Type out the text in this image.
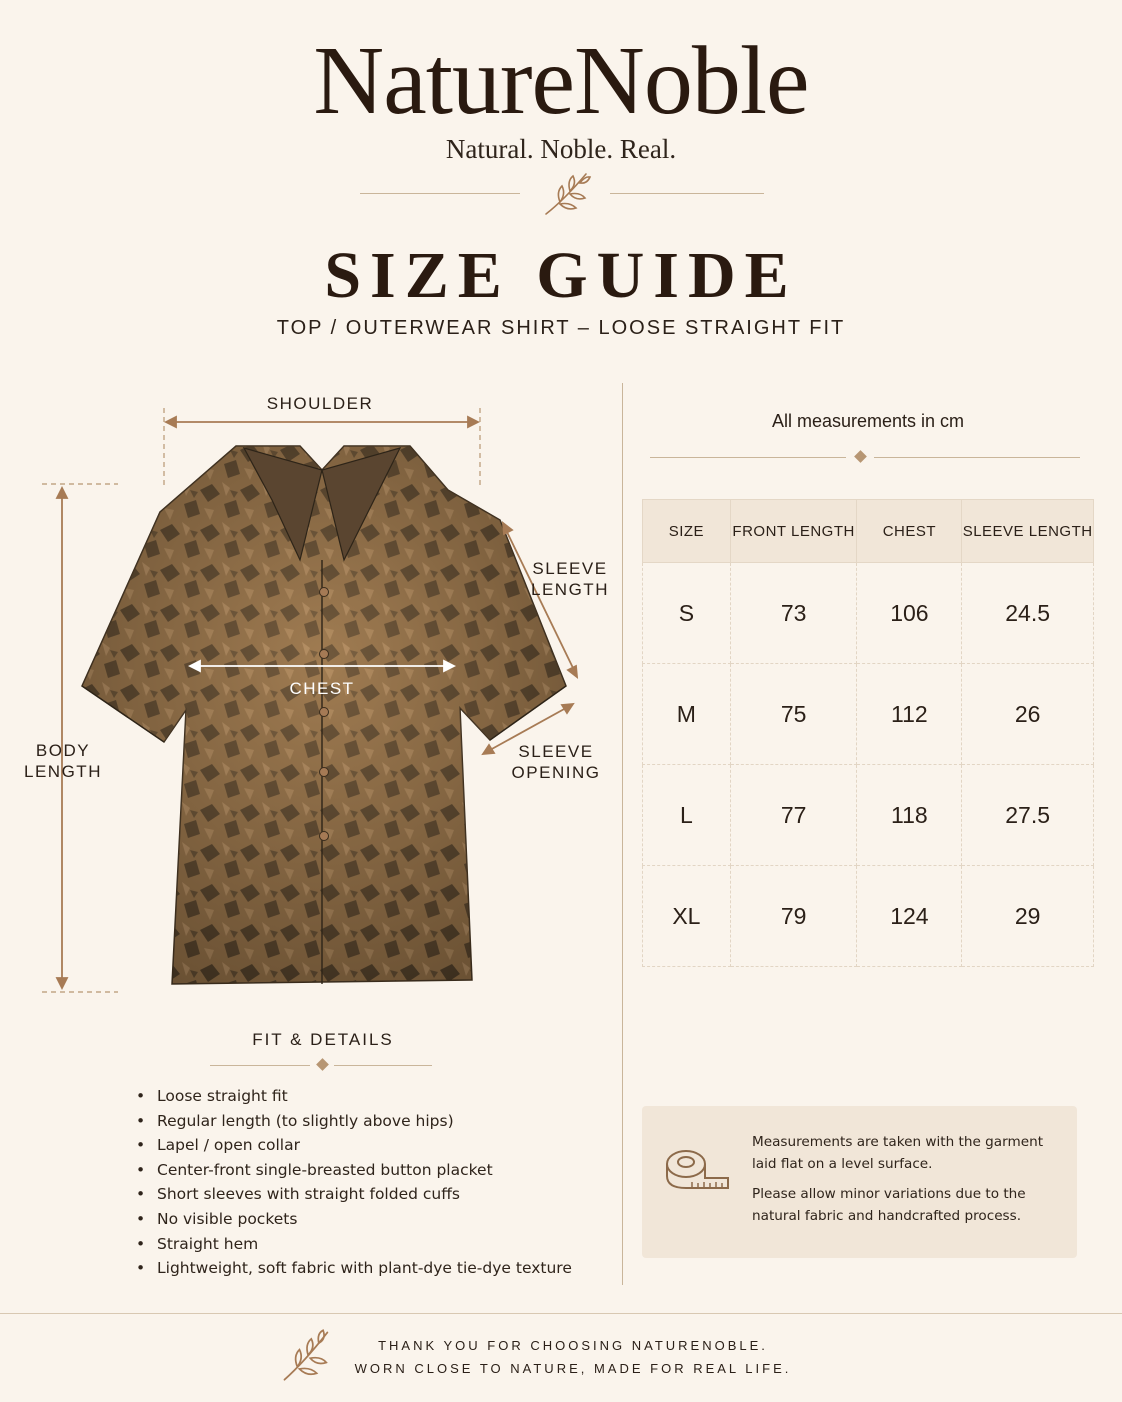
NatureNoble
Natural. Noble. Real.
SIZE GUIDE
TOP / OUTERWEAR SHIRT – LOOSE STRAIGHT FIT
SHOULDER
SLEEVE
LENGTH
CHEST
BODY
LENGTH
SLEEVE
OPENING
FIT & DETAILS
• Loose straight fit
• Regular length (to slightly above hips)
• Lapel / open collar
• Center-front single-breasted button placket
• Short sleeves with straight folded cuffs
• No visible pockets
• Straight hem
• Lightweight, soft fabric with plant-dye tie-dye texture
All measurements in cm
SIZE	FRONT LENGTH	CHEST	SLEEVE LENGTH
S	73	106	24.5
M	75	112	26
L	77	118	27.5
XL	79	124	29

Measurements are taken with the garment laid flat on a level surface.

Please allow minor variations due to the natural fabric and handcrafted process.

THANK YOU FOR CHOOSING NATURENOBLE.
WORN CLOSE TO NATURE, MADE FOR REAL LIFE.
